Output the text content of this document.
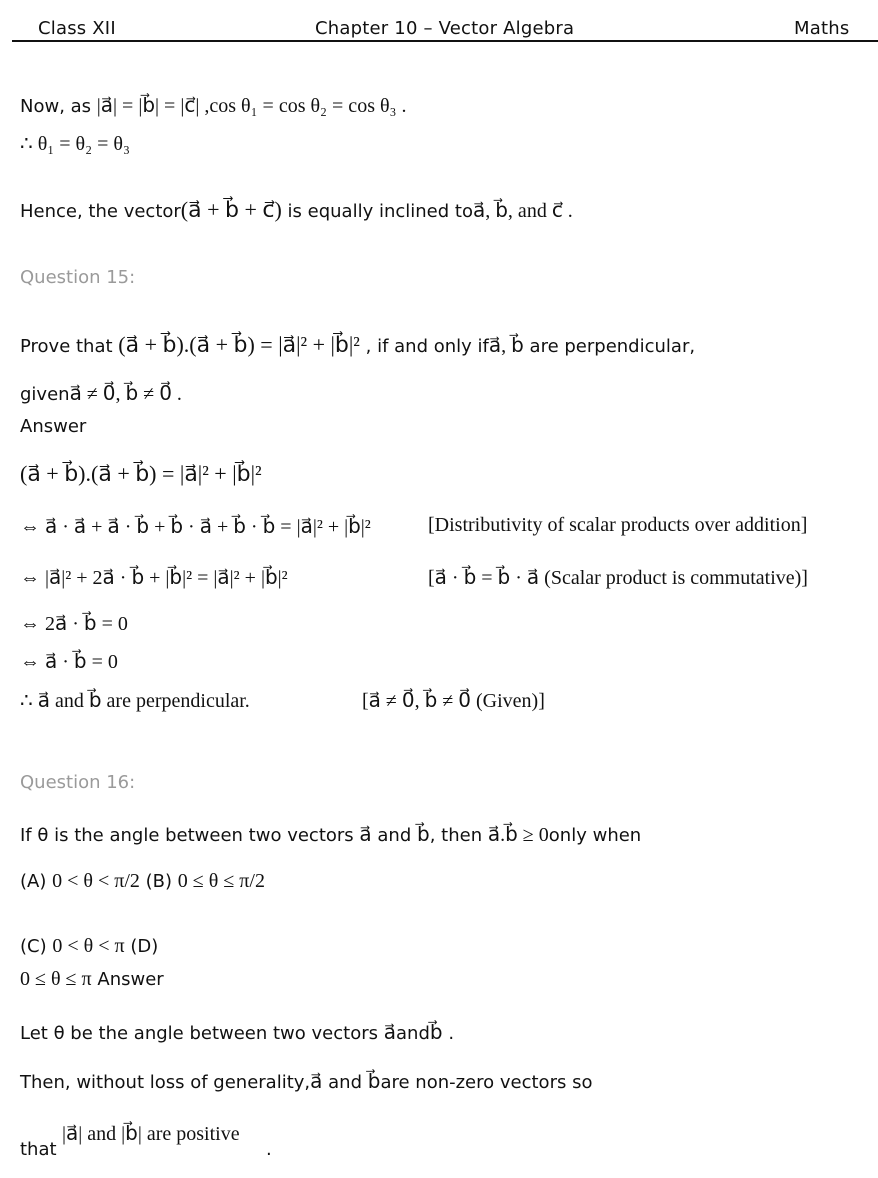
Class XII	Chapter 10 – Vector Algebra	Maths
Now, as |a⃗| = |b⃗| = |c⃗| ,cos θ₁ = cos θ₂ = cos θ₃ .
∴ θ₁ = θ₂ = θ₃
Hence, the vector(a⃗ + b⃗ + c⃗) is equally inclined toa⃗, b⃗, and c⃗ .
Question 15:
Prove that (a⃗ + b⃗).(a⃗ + b⃗) = |a⃗|² + |b⃗|² , if and only ifa⃗, b⃗ are perpendicular,
givena⃗ ≠ 0⃗, b⃗ ≠ 0⃗ .
Answer
(a⃗ + b⃗).(a⃗ + b⃗) = |a⃗|² + |b⃗|²
⇔ a⃗ · a⃗ + a⃗ · b⃗ + b⃗ · a⃗ + b⃗ · b⃗ = |a⃗|² + |b⃗|²	[Distributivity of scalar products over addition]
⇔ |a⃗|² + 2a⃗ · b⃗ + |b⃗|² = |a⃗|² + |b⃗|²	[a⃗ · b⃗ = b⃗ · a⃗ (Scalar product is commutative)]
⇔ 2a⃗ · b⃗ = 0
⇔ a⃗ · b⃗ = 0
∴ a⃗ and b⃗ are perpendicular.	[a⃗ ≠ 0⃗, b⃗ ≠ 0⃗ (Given)]
Question 16:
If θ is the angle between two vectors a⃗ and b⃗, then a⃗.b⃗ ≥ 0only when
(A) 0 < θ < π/2 (B) 0 ≤ θ ≤ π/2
(C) 0 < θ < π (D)
0 ≤ θ ≤ π Answer
Let θ be the angle between two vectors a⃗andb⃗ .
Then, without loss of generality,a⃗ and b⃗are non-zero vectors so
that
|a⃗| and |b⃗| are positive
.
